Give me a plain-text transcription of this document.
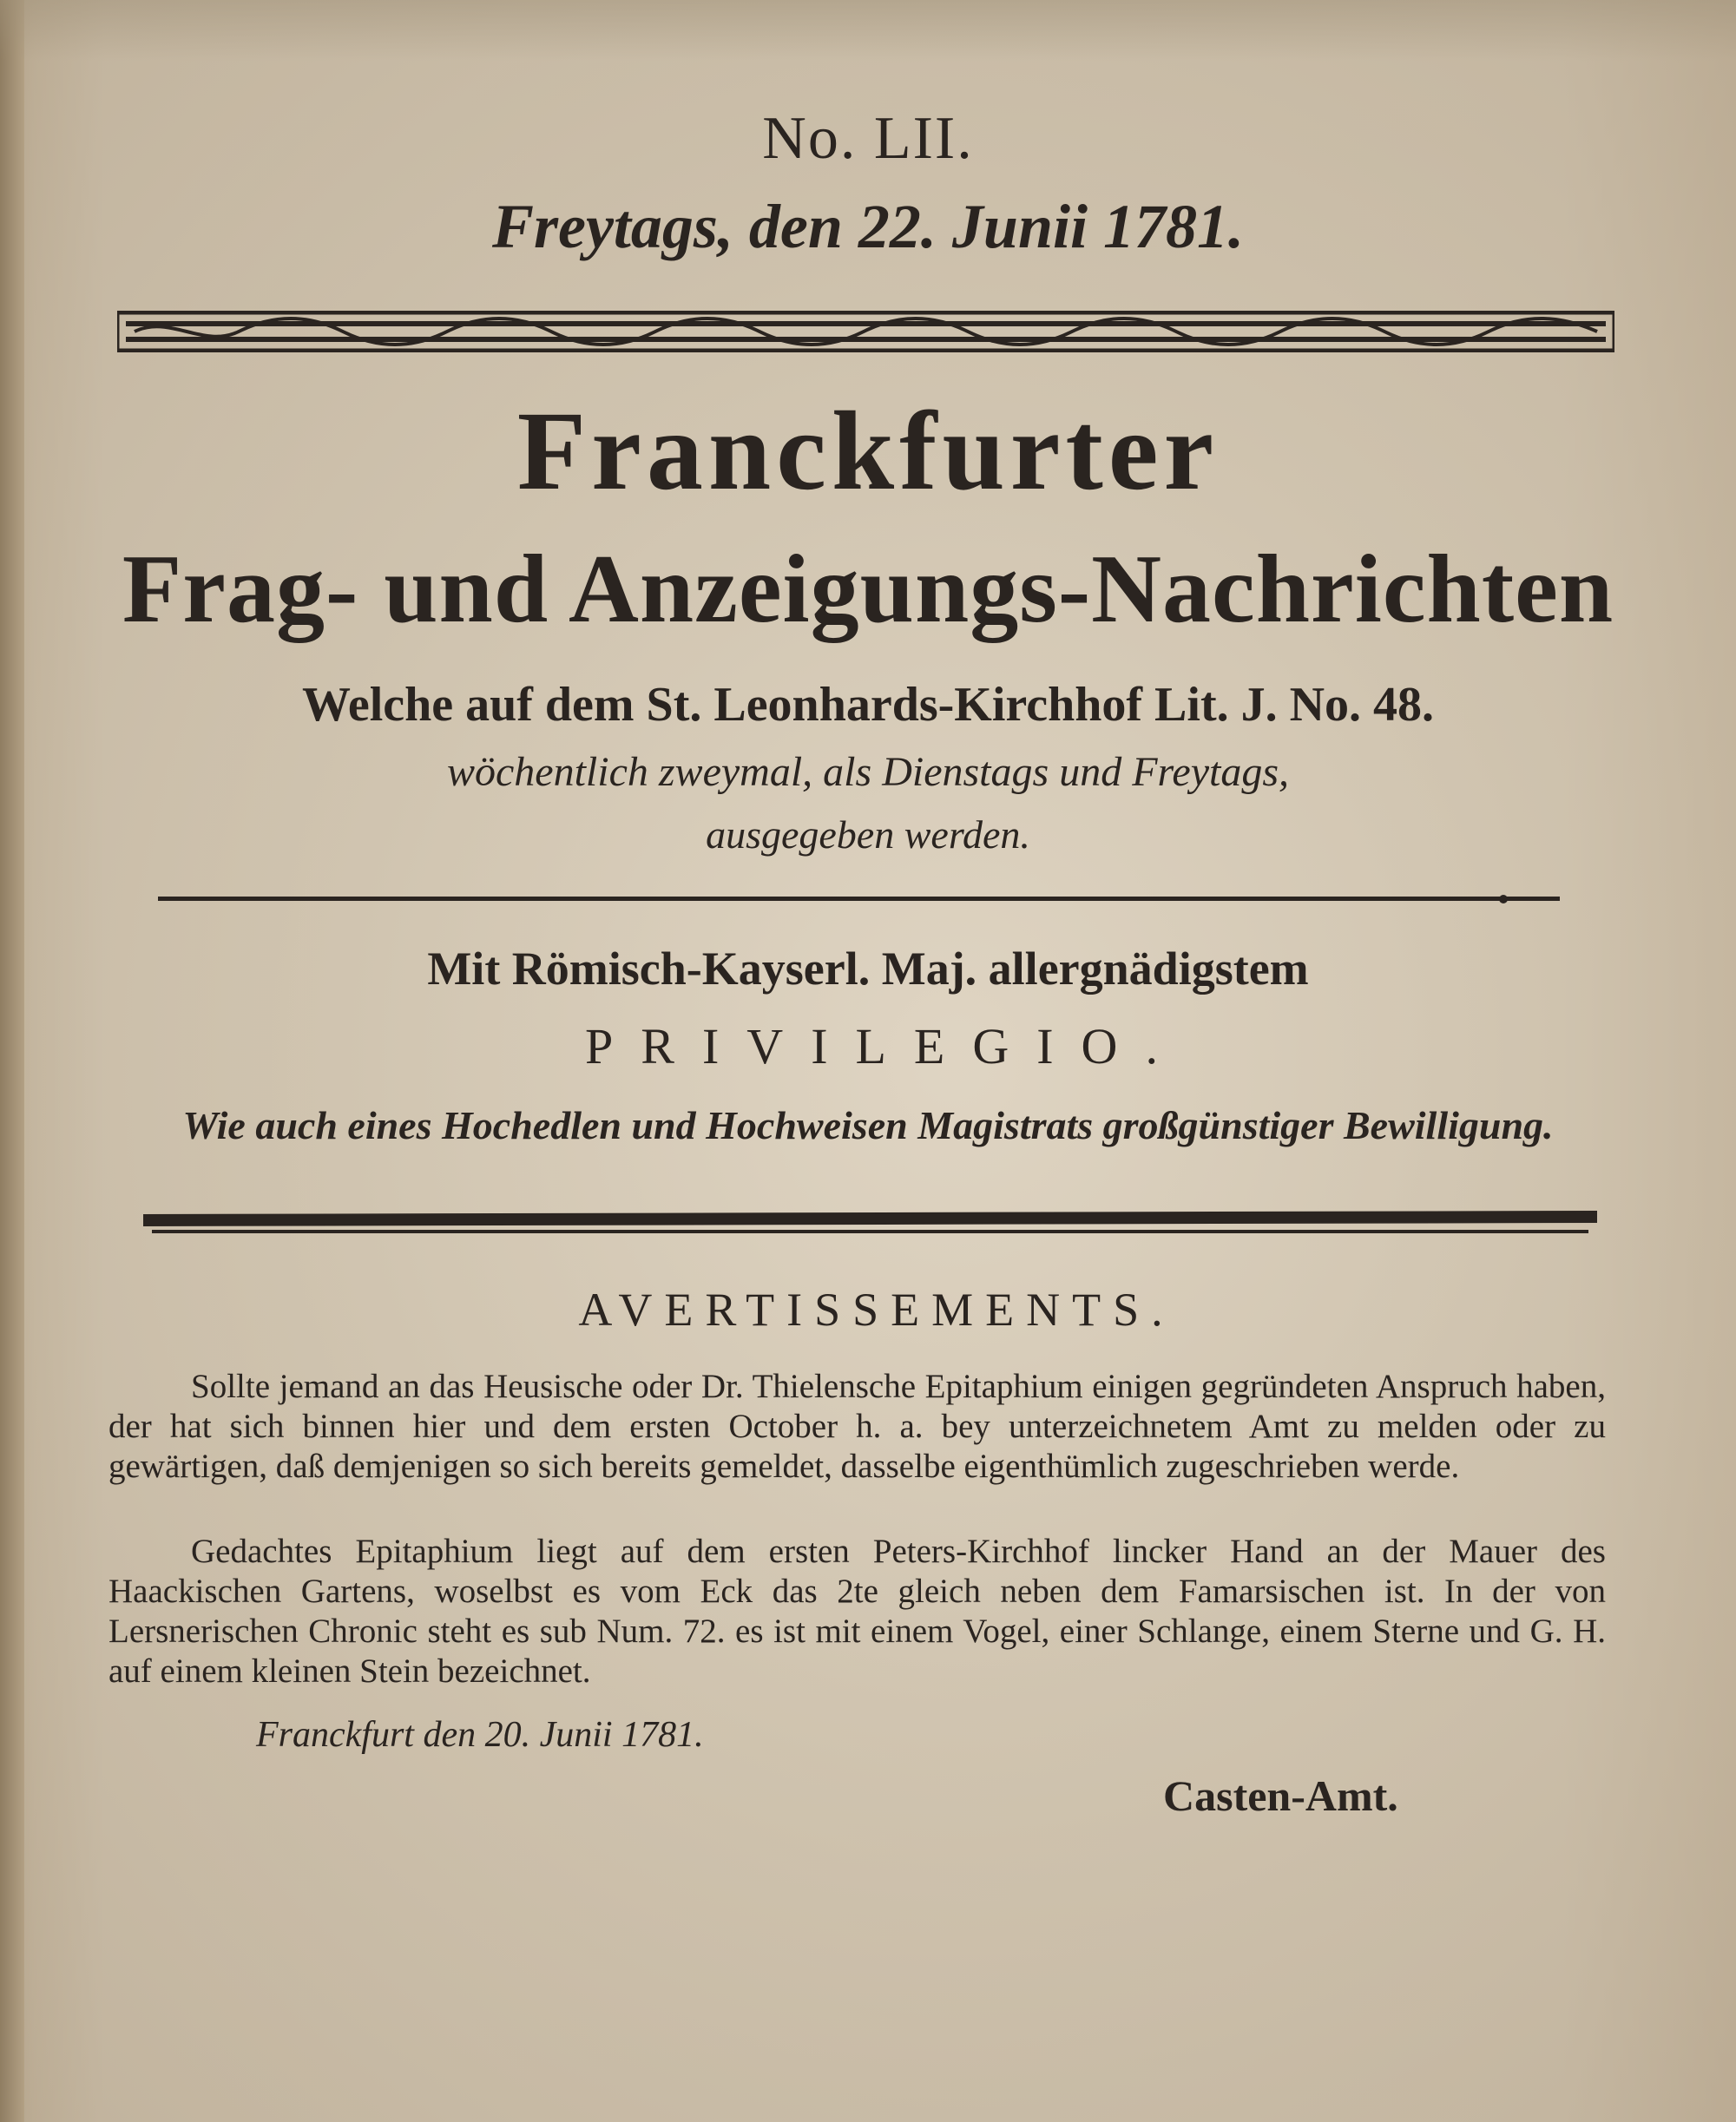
No. LII.
Freytags, den 22. Junii 1781.
Franckfurter
Frag- und Anzeigungs-Nachrichten
Welche auf dem St. Leonhards-Kirchhof Lit. J. No. 48.
wöchentlich zweymal, als Dienstags und Freytags,
ausgegeben werden.
Mit Römisch-Kayserl. Maj. allergnädigstem
PRIVILEGIO.
Wie auch eines Hochedlen und Hochweisen Magistrats großgünstiger Bewilligung.
AVERTISSEMENTS.

Sollte jemand an das Heusische oder Dr. Thielensche Epitaphium einigen gegründeten Anspruch haben, der hat sich binnen hier und dem ersten October h. a. bey unterzeichnetem Amt zu melden oder zu gewärtigen, daß demjenigen so sich bereits gemeldet, dasselbe eigenthümlich zugeschrieben werde.

Gedachtes Epitaphium liegt auf dem ersten Peters-Kirchhof lincker Hand an der Mauer des Haackischen Gartens, woselbst es vom Eck das 2te gleich neben dem Famarsischen ist. In der von Lersnerischen Chronic steht es sub Num. 72. es ist mit einem Vogel, einer Schlange, einem Sterne und G. H. auf einem kleinen Stein bezeichnet.

Franckfurt den 20. Junii 1781.
Casten-Amt.
